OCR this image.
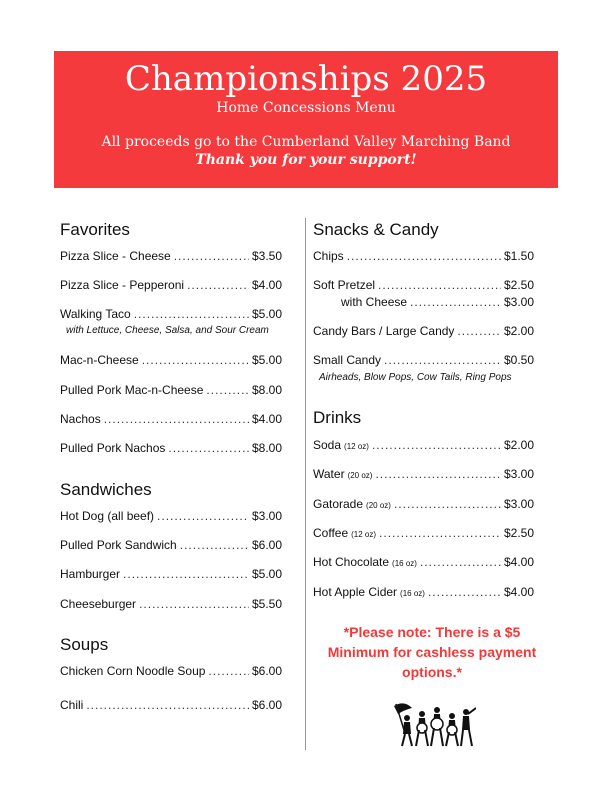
Championships 2025
Home Concessions Menu
All proceeds go to the Cumberland Valley Marching Band
Thank you for your support!
Favorites
Pizza Slice - Cheese .....	$3.50
Pizza Slice - Pepperoni .....	$4.00
Walking Taco .....	$5.00
with Lettuce, Cheese, Salsa, and Sour Cream
Mac-n-Cheese .....	$5.00
Pulled Pork Mac-n-Cheese .....	$8.00
Nachos .....	$4.00
Pulled Pork Nachos .....	$8.00
Sandwiches
Hot Dog (all beef) .....	$3.00
Pulled Pork Sandwich .....	$6.00
Hamburger .....	$5.00
Cheeseburger .....	$5.50
Soups
Chicken Corn Noodle Soup .....	$6.00
Chili .....	$6.00
Snacks & Candy
Chips .....	$1.50
Soft Pretzel .....	$2.50
with Cheese .....	$3.00
Candy Bars / Large Candy .....	$2.00
Small Candy .....	$0.50
Airheads, Blow Pops, Cow Tails, Ring Pops
Drinks
Soda (12 oz) .....	$2.00
Water (20 oz) .....	$3.00
Gatorade (20 oz) .....	$3.00
Coffee (12 oz) .....	$2.50
Hot Chocolate (16 oz) .....	$4.00
Hot Apple Cider (16 oz) .....	$4.00
*Please note: There is a $5 Minimum for cashless payment options.*
